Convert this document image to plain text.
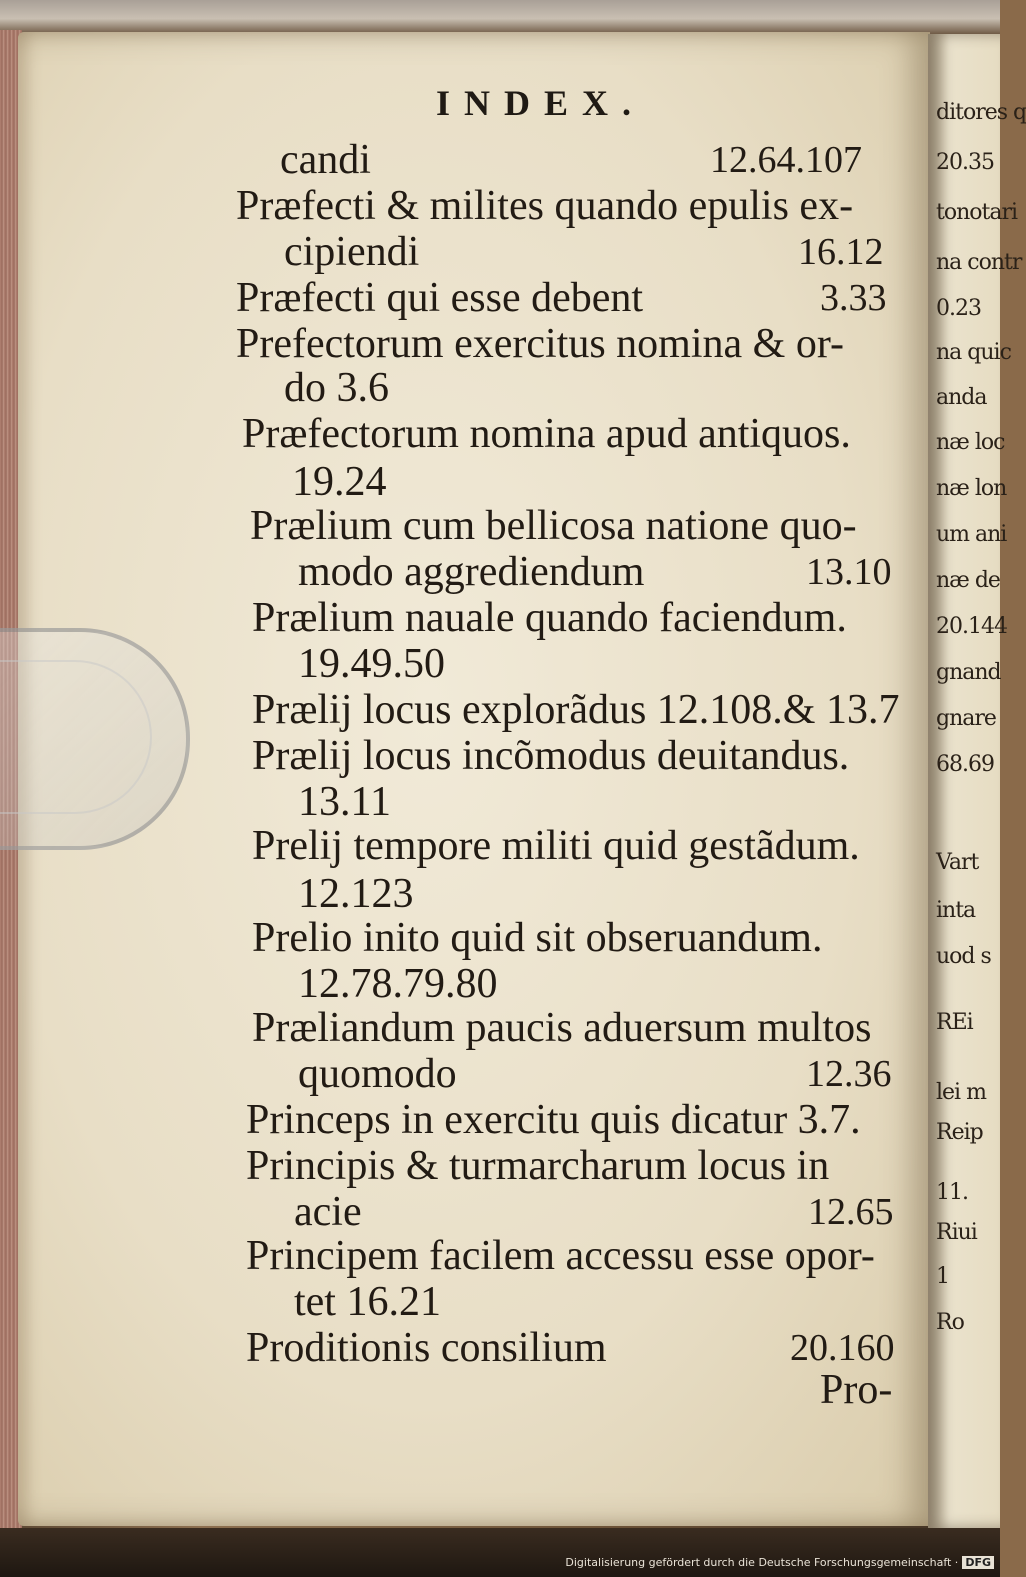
ditores q
20.35
tonotari
na contr
0.23
na quic
anda
næ loc
næ lon
um ani
næ de
20.144
gnand
gnare
68.69
Vart
inta
uod s
REi
lei m
Reip
11.
Riui
1
Ro
INDEX.
candi	12.64.107
Præfecti & milites quando epulis ex-
cipiendi	16.12
Præfecti qui esse debent	3.33
Prefectorum exercitus nomina & or-
do 3.6
Præfectorum nomina apud antiquos.
19.24
Prælium cum bellicosa natione quo-
modo aggrediendum	13.10
Prælium nauale quando faciendum.
19.49.50
Prælij locus explorãdus 12.108.& 13.7
Prælij locus incõmodus deuitandus.
13.11
Prelij tempore militi quid gestãdum.
12.123
Prelio inito quid sit obseruandum.
12.78.79.80
Præliandum paucis aduersum multos
quomodo	12.36
Princeps in exercitu quis dicatur 3.7.
Principis & turmarcharum locus in
acie	12.65
Principem facilem accessu esse opor-
tet 16.21
Proditionis consilium	20.160
Pro-
Digitalisierung gefördert durch die Deutsche Forschungsgemeinschaft · DFG
